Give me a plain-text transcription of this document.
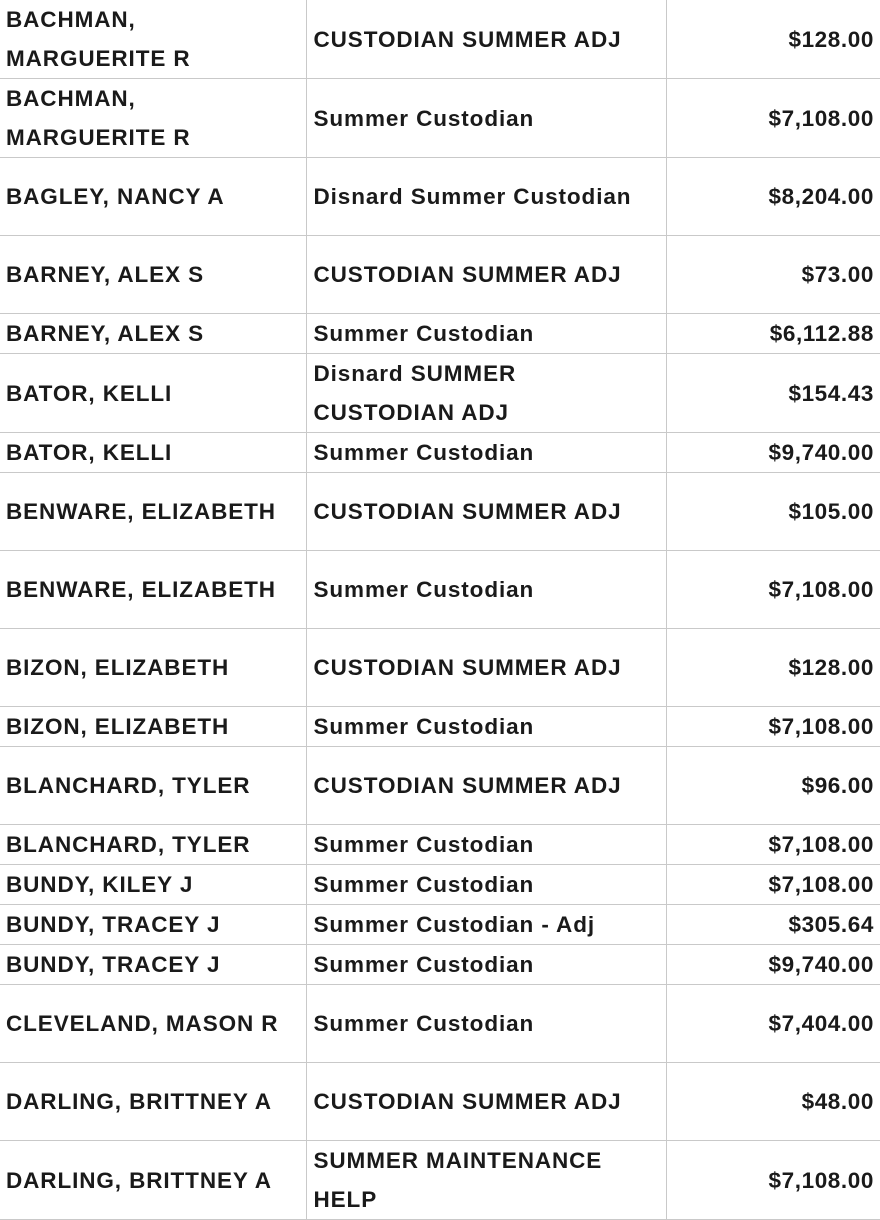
BACHMAN, MARGUERITE R	CUSTODIAN SUMMER ADJ	$128.00
BACHMAN, MARGUERITE R	Summer Custodian	$7,108.00
BAGLEY, NANCY A	Disnard Summer Custodian	$8,204.00
BARNEY, ALEX S	CUSTODIAN SUMMER ADJ	$73.00
BARNEY, ALEX S	Summer Custodian	$6,112.88
BATOR, KELLI	Disnard SUMMER CUSTODIAN ADJ	$154.43
BATOR, KELLI	Summer Custodian	$9,740.00
BENWARE, ELIZABETH	CUSTODIAN SUMMER ADJ	$105.00
BENWARE, ELIZABETH	Summer Custodian	$7,108.00
BIZON, ELIZABETH	CUSTODIAN SUMMER ADJ	$128.00
BIZON, ELIZABETH	Summer Custodian	$7,108.00
BLANCHARD, TYLER	CUSTODIAN SUMMER ADJ	$96.00
BLANCHARD, TYLER	Summer Custodian	$7,108.00
BUNDY, KILEY J	Summer Custodian	$7,108.00
BUNDY, TRACEY J	Summer Custodian - Adj	$305.64
BUNDY, TRACEY J	Summer Custodian	$9,740.00
CLEVELAND, MASON R	Summer Custodian	$7,404.00
DARLING, BRITTNEY A	CUSTODIAN SUMMER ADJ	$48.00
DARLING, BRITTNEY A	SUMMER MAINTENANCE HELP	$7,108.00
